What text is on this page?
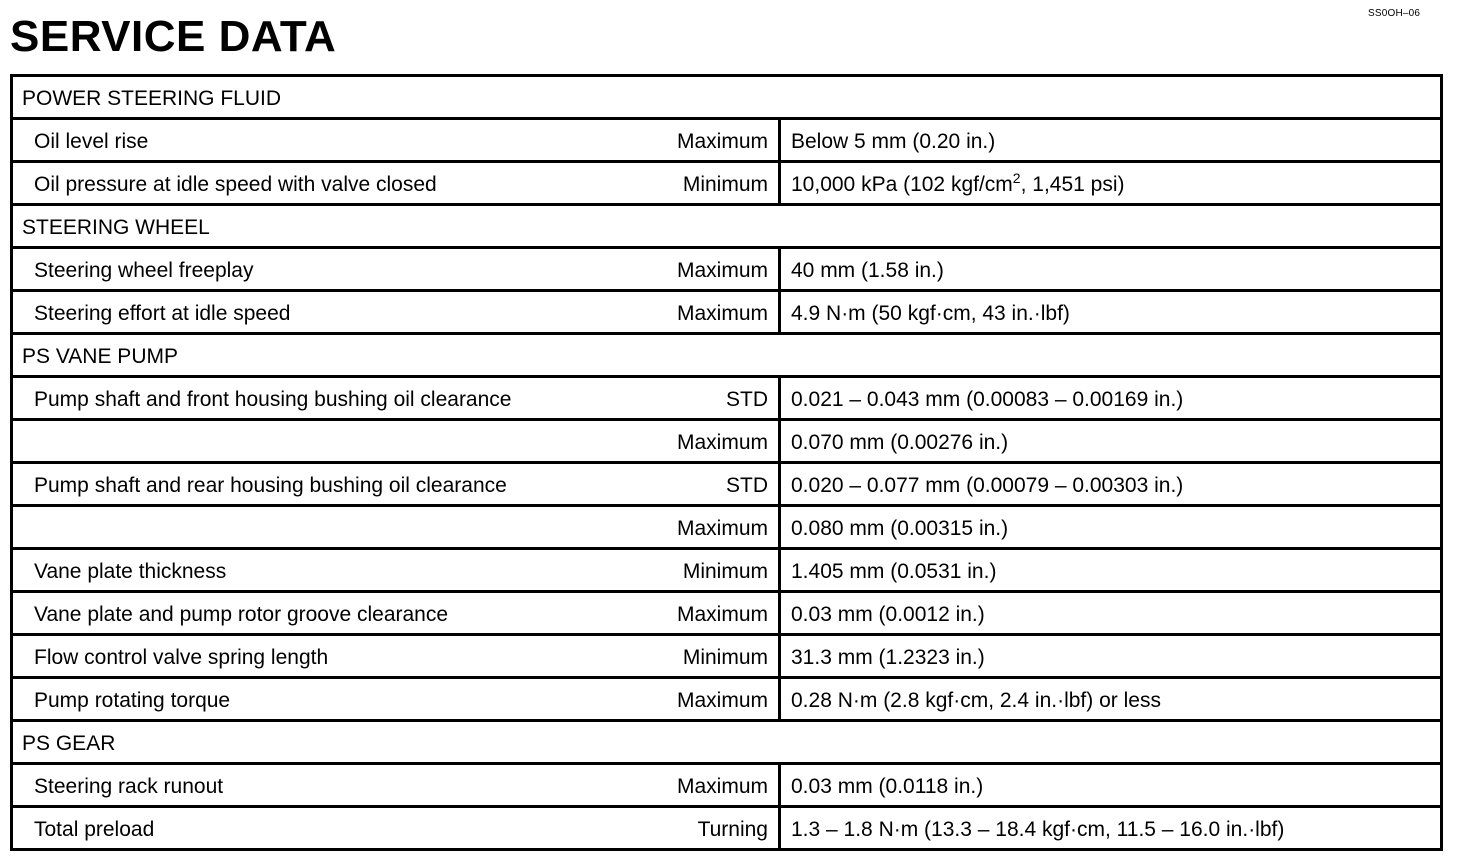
SS0OH–06
SERVICE DATA
POWER STEERING FLUID		
Oil level rise	Maximum	Below 5 mm (0.20 in.)
Oil pressure at idle speed with valve closed	Minimum	10,000 kPa (102 kgf/$cm^2$, 1,451 psi)
STEERING WHEEL		
Steering wheel freeplay	Maximum	40 mm (1.58 in.)
Steering effort at idle speed	Maximum	4.9 N·m (50 kgf·cm, 43 in.·lbf)
PS VANE PUMP		
Pump shaft and front housing bushing oil clearance	STD	0.021 – 0.043 mm (0.00083 – 0.00169 in.)
	Maximum	0.070 mm (0.00276 in.)
Pump shaft and rear housing bushing oil clearance	STD	0.020 – 0.077 mm (0.00079 – 0.00303 in.)
	Maximum	0.080 mm (0.00315 in.)
Vane plate thickness	Minimum	1.405 mm (0.0531 in.)
Vane plate and pump rotor groove clearance	Maximum	0.03 mm (0.0012 in.)
Flow control valve spring length	Minimum	31.3 mm (1.2323 in.)
Pump rotating torque	Maximum	0.28 N·m (2.8 kgf·cm, 2.4 in.·lbf) or less
PS GEAR		
Steering rack runout	Maximum	0.03 mm (0.0118 in.)
Total preload	Turning	1.3 – 1.8 N·m (13.3 – 18.4 kgf·cm, 11.5 – 16.0 in.·lbf)
